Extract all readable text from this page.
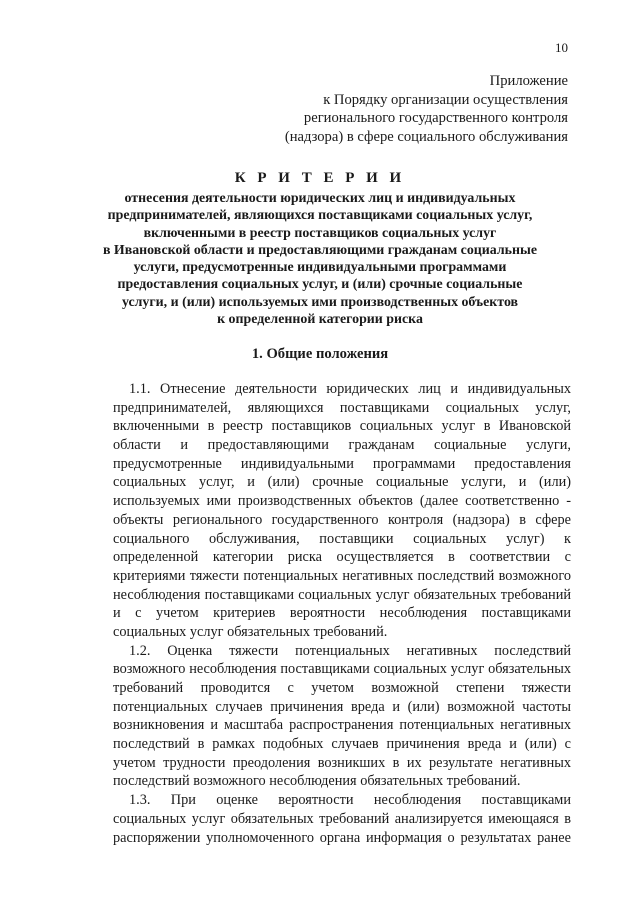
10
Приложение
к Порядку организации осуществления
регионального государственного контроля
(надзора) в сфере социального обслуживания
К Р И Т Е Р И И
отнесения деятельности юридических лиц и индивидуальных
предпринимателей, являющихся поставщиками социальных услуг,
включенными в реестр поставщиков социальных услуг
в Ивановской области и предоставляющими гражданам социальные
услуги, предусмотренные индивидуальными программами
предоставления социальных услуг, и (или) срочные социальные
услуги, и (или) используемых ими производственных объектов
к определенной категории риска
1. Общие положения
1.1. Отнесение деятельности юридических лиц и индивидуальных
предпринимателей, являющихся поставщиками социальных услуг,
включенными в реестр поставщиков социальных услуг в Ивановской
области и предоставляющими гражданам социальные услуги,
предусмотренные индивидуальными программами предоставления
социальных услуг, и (или) срочные социальные услуги, и (или)
используемых ими производственных объектов (далее соответственно -
объекты регионального государственного контроля (надзора) в сфере
социального обслуживания, поставщики социальных услуг) к
определенной категории риска осуществляется в соответствии с
критериями тяжести потенциальных негативных последствий возможного
несоблюдения поставщиками социальных услуг обязательных требований
и с учетом критериев вероятности несоблюдения поставщиками
социальных услуг обязательных требований.
1.2. Оценка тяжести потенциальных негативных последствий
возможного несоблюдения поставщиками социальных услуг обязательных
требований проводится с учетом возможной степени тяжести
потенциальных случаев причинения вреда и (или) возможной частоты
возникновения и масштаба распространения потенциальных негативных
последствий в рамках подобных случаев причинения вреда и (или) с
учетом трудности преодоления возникших в их результате негативных
последствий возможного несоблюдения обязательных требований.
1.3. При оценке вероятности несоблюдения поставщиками
социальных услуг обязательных требований анализируется имеющаяся в
распоряжении уполномоченного органа информация о результатах ранее
